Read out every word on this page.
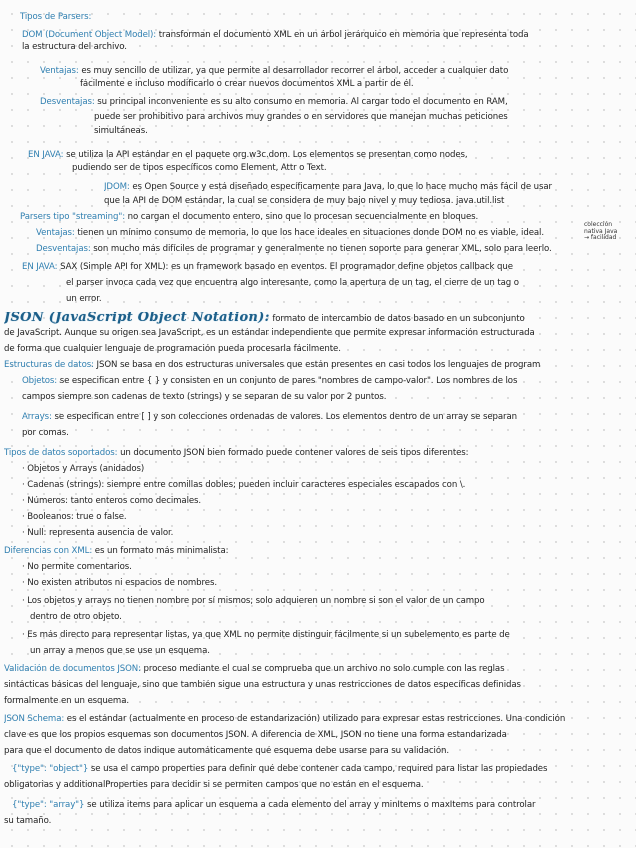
Tipos de Parsers:
DOM (Document Object Model): transforman el documento XML en un árbol jerárquico en memoria que representa toda
la estructura del archivo.
Ventajas: es muy sencillo de utilizar, ya que permite al desarrollador recorrer el árbol, acceder a cualquier dato
fácilmente e incluso modificarlo o crear nuevos documentos XML a partir de él.
Desventajas: su principal inconveniente es su alto consumo en memoria. Al cargar todo el documento en RAM,
puede ser prohibitivo para archivos muy grandes o en servidores que manejan muchas peticiones
simultáneas.
EN JAVA: se utiliza la API estándar en el paquete org.w3c.dom. Los elementos se presentan como nodes,
pudiendo ser de tipos específicos como Element, Attr o Text.
JDOM: es Open Source y está diseñado específicamente para Java, lo que lo hace mucho más fácil de usar
que la API de DOM estándar, la cual se considera de muy bajo nivel y muy tediosa. java.util.list
Parsers tipo "streaming": no cargan el documento entero, sino que lo procesan secuencialmente en bloques.
Ventajas: tienen un mínimo consumo de memoria, lo que los hace ideales en situaciones donde DOM no es viable, ideal.
Desventajas: son mucho más difíciles de programar y generalmente no tienen soporte para generar XML, solo para leerlo.
EN JAVA: SAX (Simple API for XML): es un framework basado en eventos. El programador define objetos callback que
el parser invoca cada vez que encuentra algo interesante, como la apertura de un tag, el cierre de un tag o
un error.
JSON (JavaScript Object Notation): formato de intercambio de datos basado en un subconjunto
de JavaScript. Aunque su origen sea JavaScript, es un estándar independiente que permite expresar información estructurada
de forma que cualquier lenguaje de programación pueda procesarla fácilmente.
Estructuras de datos: JSON se basa en dos estructuras universales que están presentes en casi todos los lenguajes de program
Objetos: se especifican entre { } y consisten en un conjunto de pares "nombres de campo-valor". Los nombres de los
campos siempre son cadenas de texto (strings) y se separan de su valor por 2 puntos.
Arrays: se especifican entre [ ] y son colecciones ordenadas de valores. Los elementos dentro de un array se separan
por comas.
Tipos de datos soportados: un documento JSON bien formado puede contener valores de seis tipos diferentes:
· Objetos y Arrays (anidados)
· Cadenas (strings): siempre entre comillas dobles; pueden incluir caracteres especiales escapados con \.
· Números: tanto enteros como decimales.
· Booleanos: true o false.
· Null: representa ausencia de valor.
Diferencias con XML: es un formato más minimalista:
· No permite comentarios.
· No existen atributos ni espacios de nombres.
· Los objetos y arrays no tienen nombre por sí mismos; solo adquieren un nombre si son el valor de un campo
dentro de otro objeto.
· Es más directo para representar listas, ya que XML no permite distinguir fácilmente si un subelemento es parte de
un array a menos que se use un esquema.
Validación de documentos JSON: proceso mediante el cual se comprueba que un archivo no solo cumple con las reglas
sintácticas básicas del lenguaje, sino que también sigue una estructura y unas restricciones de datos específicas definidas
formalmente en un esquema.
JSON Schema: es el estándar (actualmente en proceso de estandarización) utilizado para expresar estas restricciones. Una condición
clave es que los propios esquemas son documentos JSON. A diferencia de XML, JSON no tiene una forma estandarizada
para que el documento de datos indique automáticamente qué esquema debe usarse para su validación.
{"type": "object"} se usa el campo properties para definir qué debe contener cada campo, required para listar las propiedades
obligatorias y additionalProperties para decidir si se permiten campos que no están en el esquema.
{"type": "array"} se utiliza items para aplicar un esquema a cada elemento del array y minItems o maxItems para controlar
su tamaño.
colección
nativa Java
→ facilidad
